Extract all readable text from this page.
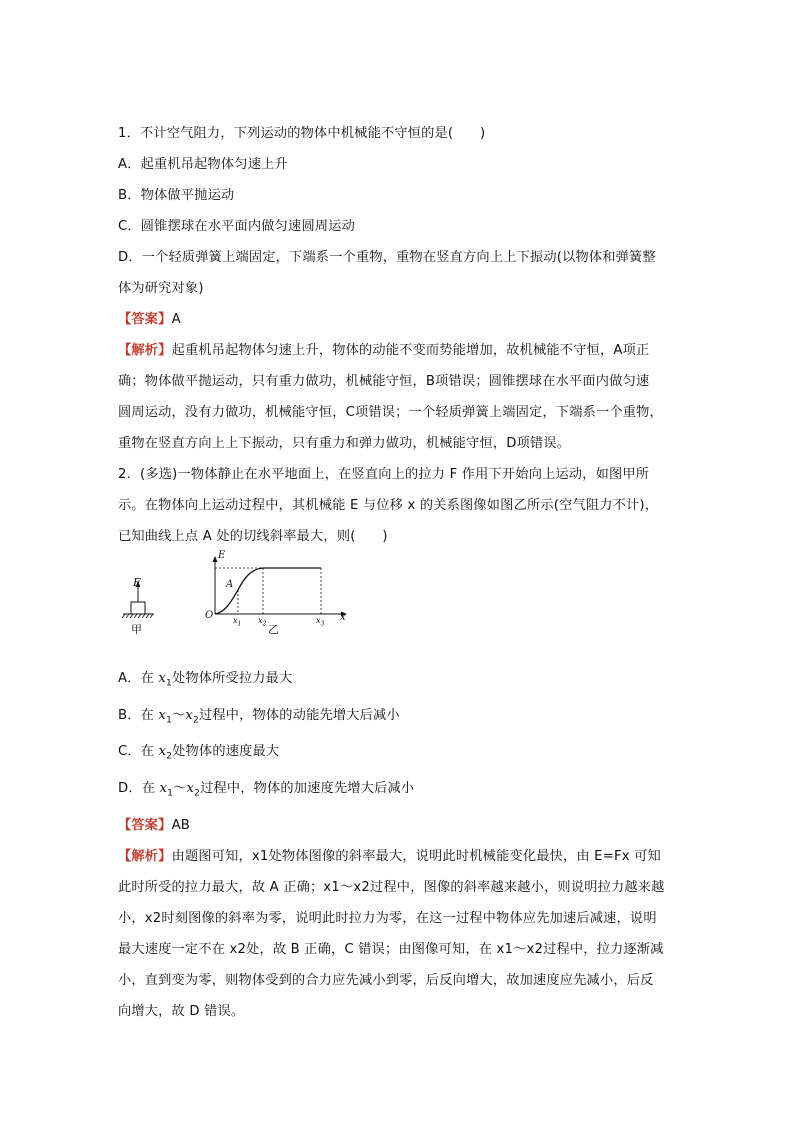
1．不计空气阻力，下列运动的物体中机械能不守恒的是(　　)
A．起重机吊起物体匀速上升
B．物体做平抛运动
C．圆锥摆球在水平面内做匀速圆周运动
D．一个轻质弹簧上端固定，下端系一个重物，重物在竖直方向上上下振动(以物体和弹簧整
体为研究对象)
【答案】A
【解析】起重机吊起物体匀速上升，物体的动能不变而势能增加，故机械能不守恒，A项正
确；物体做平抛运动，只有重力做功，机械能守恒，B项错误；圆锥摆球在水平面内做匀速
圆周运动，没有力做功，机械能守恒，C项错误；一个轻质弹簧上端固定，下端系一个重物，
重物在竖直方向上上下振动，只有重力和弹力做功，机械能守恒，D项错误。
2．(多选)一物体静止在水平地面上，在竖直向上的拉力 F 作用下开始向上运动，如图甲所
示。在物体向上运动过程中，其机械能 E 与位移 x 的关系图像如图乙所示(空气阻力不计)，
已知曲线上点 A 处的切线斜率最大，则(　　)
F
甲
E
x
O
A
$x_1$ $x_2$	$x_3$
乙
A．在 $x_1$处物体所受拉力最大
B．在 $x_1\sim x_2$过程中，物体的动能先增大后减小
C．在 $x_2$处物体的速度最大
D．在 $x_1\sim x_2$过程中，物体的加速度先增大后减小
【答案】AB
【解析】由题图可知，x1处物体图像的斜率最大，说明此时机械能变化最快，由 E=Fx 可知
此时所受的拉力最大，故 A 正确；x1～x2过程中，图像的斜率越来越小，则说明拉力越来越
小，x2时刻图像的斜率为零，说明此时拉力为零，在这一过程中物体应先加速后减速，说明
最大速度一定不在 x2处，故 B 正确，C 错误；由图像可知，在 x1～x2过程中，拉力逐渐减
小，直到变为零，则物体受到的合力应先减小到零，后反向增大，故加速度应先减小，后反
向增大，故 D 错误。
